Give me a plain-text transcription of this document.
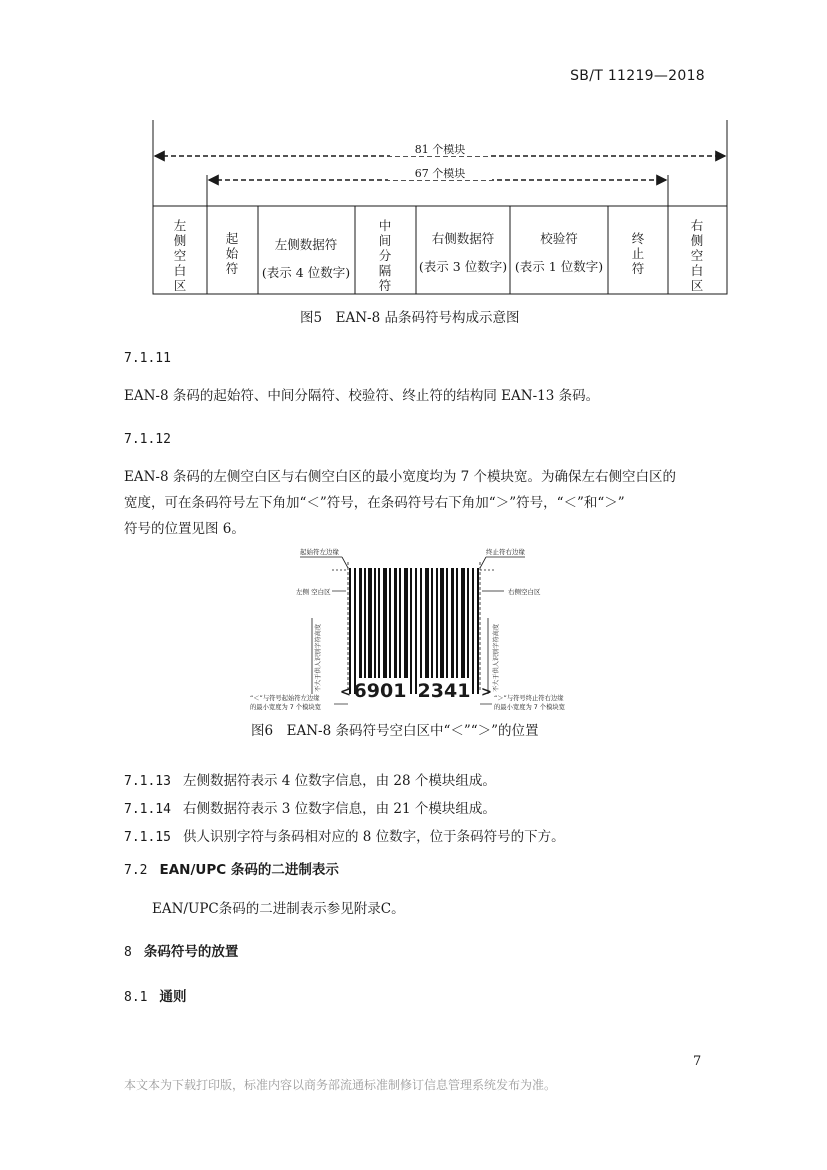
SB/T 11219—2018
81 个模块
67 个模块
左
侧
空
白
区
起
始
符
左侧数据符
(表示 4 位数字)
中
间
分
隔
符
右侧数据符
(表示 3 位数字)
校验符
(表示 1 位数字)
终
止
符
右
侧
空
白
区
图5　EAN-8 品条码符号构成示意图
7.1.11
EAN-8 条码的起始符、中间分隔符、校验符、终止符的结构同 EAN-13 条码。
7.1.12
EAN-8 条码的左侧空白区与右侧空白区的最小宽度均为 7 个模块宽。为确保左右侧空白区的
宽度，可在条码符号左下角加“＜”符号，在条码符号右下角加“＞”符号，“＜”和“＞”
符号的位置见图 6。
起始符左边缘	终止符右边缘
左侧 空白区	右侧空白区
不大于供人识别字符高度	不大于供人识别字符高度
6901 2341
<	>
“＜”与符号起始符左边缘
的最小宽度为 7 个模块宽
“＞”与符号终止符右边缘
的最小宽度为 7 个模块宽
图6　EAN-8 条码符号空白区中“＜”“＞”的位置
7.1.13 左侧数据符表示 4 位数字信息，由 28 个模块组成。
7.1.14 右侧数据符表示 3 位数字信息，由 21 个模块组成。
7.1.15 供人识别字符与条码相对应的 8 位数字，位于条码符号的下方。
7.2 EAN/UPC 条码的二进制表示
EAN/UPC条码的二进制表示参见附录C。
8 条码符号的放置
8.1 通则
7
本文本为下载打印版，标准内容以商务部流通标准制修订信息管理系统发布为准。
